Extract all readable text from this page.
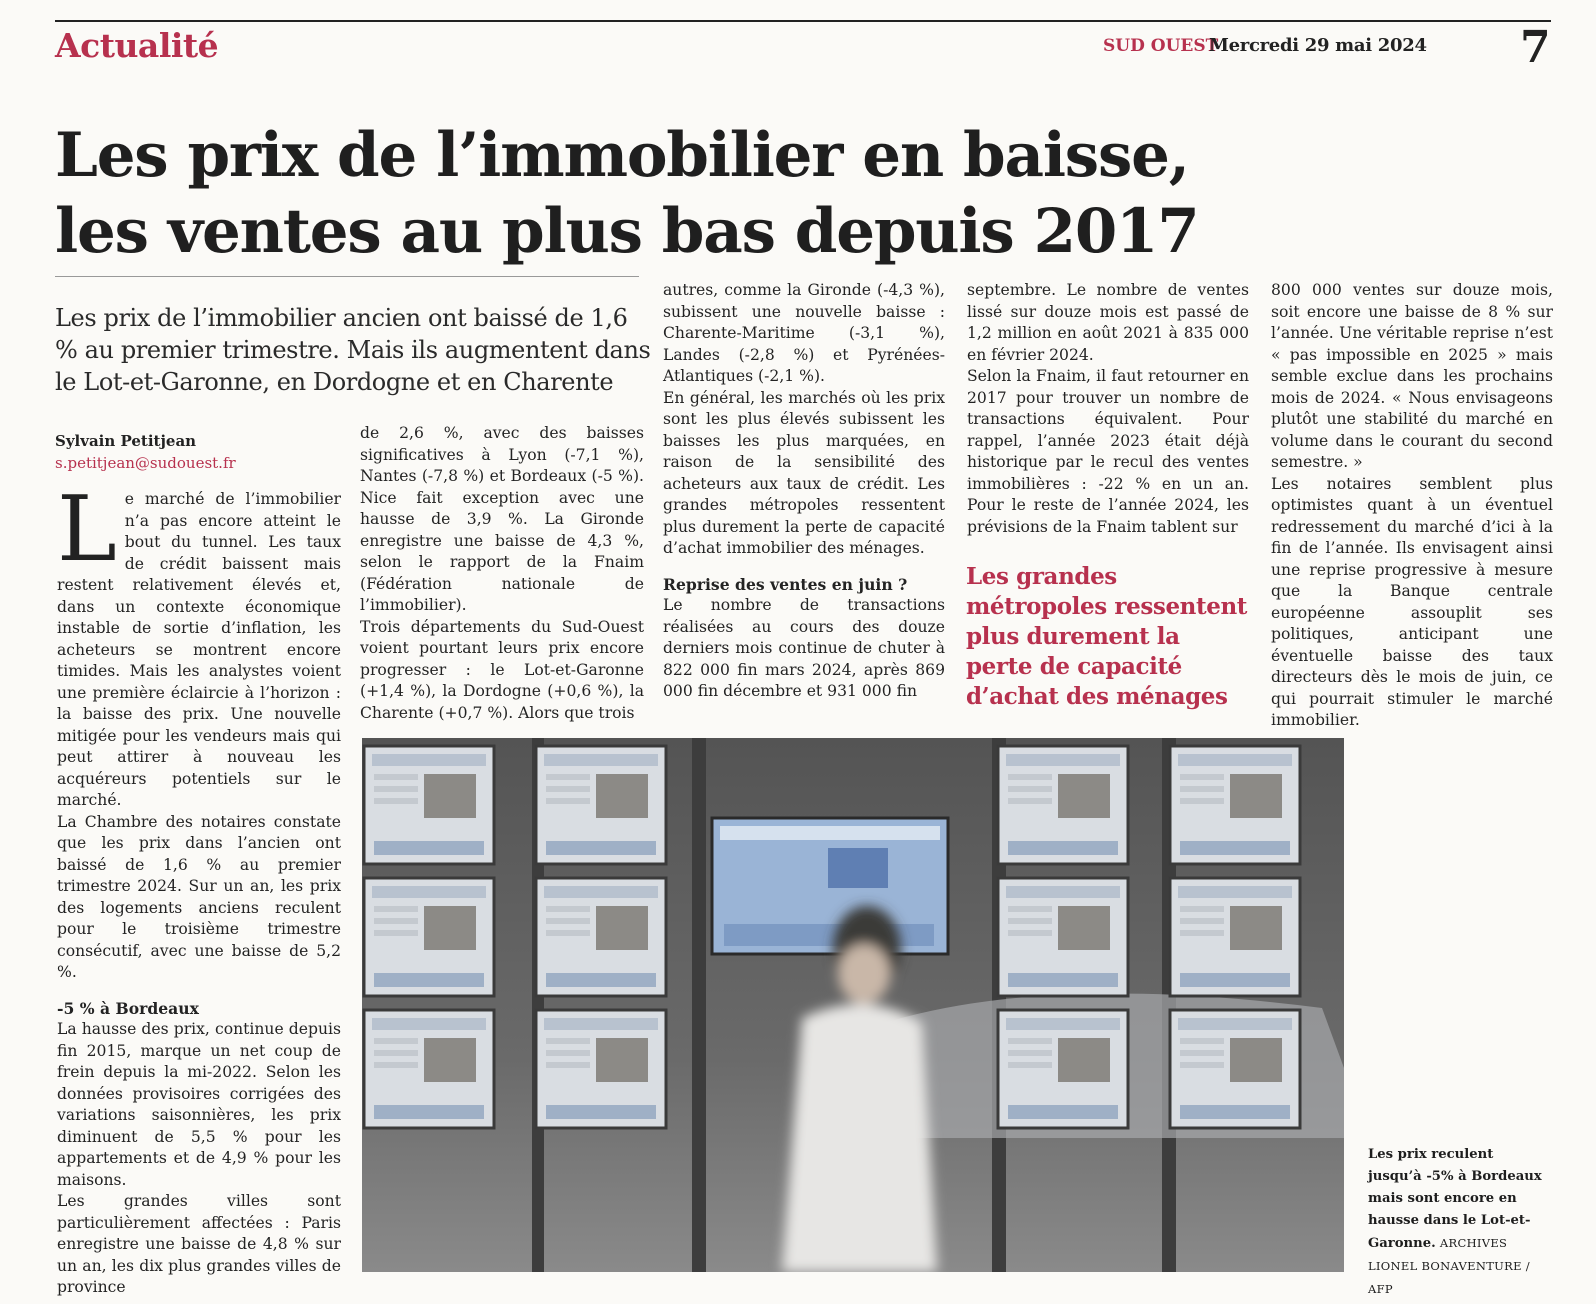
Actualité	SUD OUEST
Mercredi 29 mai 2024 7
Les prix de l’immobilier en baisse,
les ventes au plus bas depuis 2017
Les prix de l’immobilier ancien ont baissé de 1,6 % au premier trimestre. Mais ils augmentent dans le Lot-et-Garonne, en Dordogne et en Charente
Sylvain Petitjean
s.petitjean@sudouest.fr

Le marché de l’immobilier n’a pas encore atteint le bout du tunnel. Les taux de crédit baissent mais restent relativement élevés et, dans un contexte économique instable de sortie d’inflation, les acheteurs se montrent encore timides. Mais les analystes voient une première éclaircie à l’horizon : la baisse des prix. Une nouvelle mitigée pour les vendeurs mais qui peut attirer à nouveau les acquéreurs potentiels sur le marché.

La Chambre des notaires constate que les prix dans l’ancien ont baissé de 1,6 % au premier trimestre 2024. Sur un an, les prix des logements anciens reculent pour le troisième trimestre consécutif, avec une baisse de 5,2 %.

-5 % à Bordeaux

La hausse des prix, continue depuis fin 2015, marque un net coup de frein depuis la mi-2022. Selon les données provisoires corrigées des variations saisonnières, les prix diminuent de 5,5 % pour les appartements et de 4,9 % pour les maisons.

Les grandes villes sont particulièrement affectées : Paris enregistre une baisse de 4,8 % sur un an, les dix plus grandes villes de province

de 2,6 %, avec des baisses significatives à Lyon (-7,1 %), Nantes (-7,8 %) et Bordeaux (-5 %). Nice fait exception avec une hausse de 3,9 %. La Gironde enregistre une baisse de 4,3 %, selon le rapport de la Fnaim (Fédération nationale de l’immobilier).

Trois départements du Sud-Ouest voient pourtant leurs prix encore progresser : le Lot-et-Garonne (+1,4 %), la Dordogne (+0,6 %), la Charente (+0,7 %). Alors que trois

autres, comme la Gironde (-4,3 %), subissent une nouvelle baisse : Charente-Maritime (-3,1 %), Landes (-2,8 %) et Pyrénées-Atlantiques (-2,1 %).

En général, les marchés où les prix sont les plus élevés subissent les baisses les plus marquées, en raison de la sensibilité des acheteurs aux taux de crédit. Les grandes métropoles ressentent plus durement la perte de capacité d’achat immobilier des ménages.

Reprise des ventes en juin ?

Le nombre de transactions réalisées au cours des douze derniers mois continue de chuter à 822 000 fin mars 2024, après 869 000 fin décembre et 931 000 fin

septembre. Le nombre de ventes lissé sur douze mois est passé de 1,2 million en août 2021 à 835 000 en février 2024.

Selon la Fnaim, il faut retourner en 2017 pour trouver un nombre de transactions équivalent. Pour rappel, l’année 2023 était déjà historique par le recul des ventes immobilières : -22 % en un an. Pour le reste de l’année 2024, les prévisions de la Fnaim tablent sur

Les grandes métropoles ressentent plus durement la perte de capacité d’achat des ménages

800 000 ventes sur douze mois, soit encore une baisse de 8 % sur l’année. Une véritable reprise n’est « pas impossible en 2025 » mais semble exclue dans les prochains mois de 2024. « Nous envisageons plutôt une stabilité du marché en volume dans le courant du second semestre. »

Les notaires semblent plus optimistes quant à un éventuel redressement du marché d’ici à la fin de l’année. Ils envisagent ainsi une reprise progressive à mesure que la Banque centrale européenne assouplit ses politiques, anticipant une éventuelle baisse des taux directeurs dès le mois de juin, ce qui pourrait stimuler le marché immobilier.

Les prix reculent jusqu’à -5% à Bordeaux mais sont encore en hausse dans le Lot-et-Garonne. ARCHIVES LIONEL BONAVENTURE / AFP
